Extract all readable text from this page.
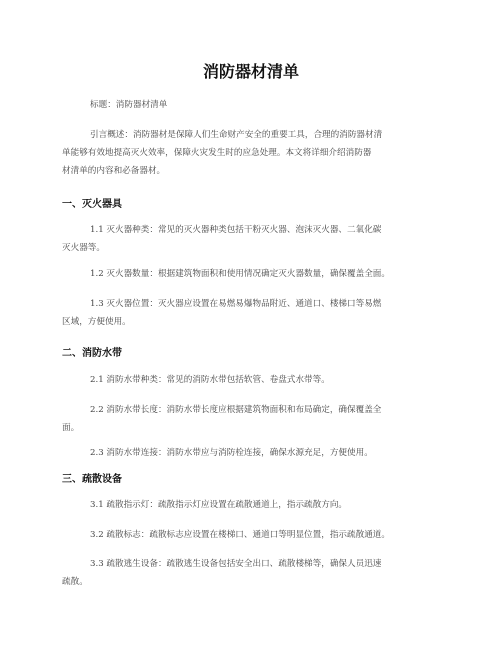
消防器材清单

标题：消防器材清单

引言概述：消防器材是保障人们生命财产安全的重要工具，合理的消防器材清
单能够有效地提高灭火效率，保障火灾发生时的应急处理。本文将详细介绍消防器
材清单的内容和必备器材。

一、灭火器具

1.1 灭火器种类：常见的灭火器种类包括干粉灭火器、泡沫灭火器、二氧化碳
灭火器等。

1.2 灭火器数量：根据建筑物面积和使用情况确定灭火器数量，确保覆盖全面。

1.3 灭火器位置：灭火器应设置在易燃易爆物品附近、通道口、楼梯口等易燃
区域，方便使用。

二、消防水带

2.1 消防水带种类：常见的消防水带包括软管、卷盘式水带等。

2.2 消防水带长度：消防水带长度应根据建筑物面积和布局确定，确保覆盖全
面。

2.3 消防水带连接：消防水带应与消防栓连接，确保水源充足，方便使用。

三、疏散设备

3.1 疏散指示灯：疏散指示灯应设置在疏散通道上，指示疏散方向。

3.2 疏散标志：疏散标志应设置在楼梯口、通道口等明显位置，指示疏散通道。

3.3 疏散逃生设备：疏散逃生设备包括安全出口、疏散楼梯等，确保人员迅速
疏散。
